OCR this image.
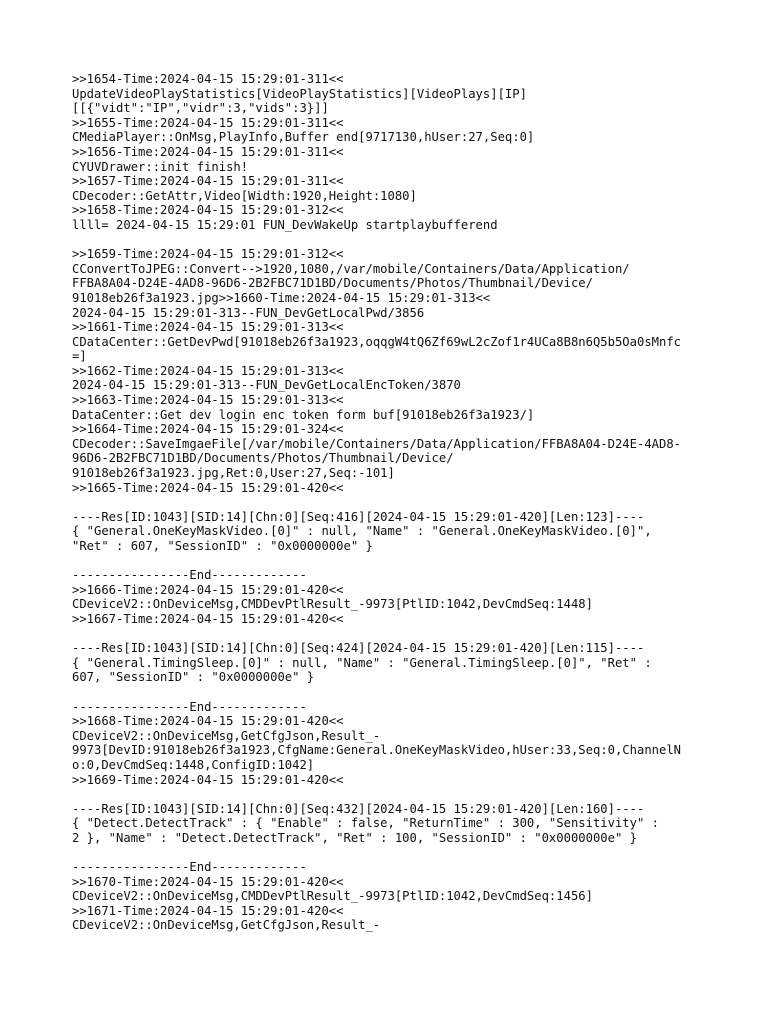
>>1654-Time:2024-04-15 15:29:01-311<<
UpdateVideoPlayStatistics[VideoPlayStatistics][VideoPlays][IP]
[[{"vidt":"IP","vidr":3,"vids":3}]]
>>1655-Time:2024-04-15 15:29:01-311<<
CMediaPlayer::OnMsg,PlayInfo,Buffer end[9717130,hUser:27,Seq:0]
>>1656-Time:2024-04-15 15:29:01-311<<
CYUVDrawer::init finish!
>>1657-Time:2024-04-15 15:29:01-311<<
CDecoder::GetAttr,Video[Width:1920,Height:1080]
>>1658-Time:2024-04-15 15:29:01-312<<
llll= 2024-04-15 15:29:01 FUN_DevWakeUp startplaybufferend
>>1659-Time:2024-04-15 15:29:01-312<<
CConvertToJPEG::Convert-->1920,1080,/var/mobile/Containers/Data/Application/
FFBA8A04-D24E-4AD8-96D6-2B2FBC71D1BD/Documents/Photos/Thumbnail/Device/
91018eb26f3a1923.jpg>>1660-Time:2024-04-15 15:29:01-313<<
2024-04-15 15:29:01-313--FUN_DevGetLocalPwd/3856
>>1661-Time:2024-04-15 15:29:01-313<<
CDataCenter::GetDevPwd[91018eb26f3a1923,oqqgW4tQ6Zf69wL2cZof1r4UCa8B8n6Q5b5Oa0sMnfc
=]
>>1662-Time:2024-04-15 15:29:01-313<<
2024-04-15 15:29:01-313--FUN_DevGetLocalEncToken/3870
>>1663-Time:2024-04-15 15:29:01-313<<
DataCenter::Get dev login enc token form buf[91018eb26f3a1923/]
>>1664-Time:2024-04-15 15:29:01-324<<
CDecoder::SaveImgaeFile[/var/mobile/Containers/Data/Application/FFBA8A04-D24E-4AD8-
96D6-2B2FBC71D1BD/Documents/Photos/Thumbnail/Device/
91018eb26f3a1923.jpg,Ret:0,User:27,Seq:-101]
>>1665-Time:2024-04-15 15:29:01-420<<
----Res[ID:1043][SID:14][Chn:0][Seq:416][2024-04-15 15:29:01-420][Len:123]----
{ "General.OneKeyMaskVideo.[0]" : null, "Name" : "General.OneKeyMaskVideo.[0]",
"Ret" : 607, "SessionID" : "0x0000000e" }
----------------End-------------
>>1666-Time:2024-04-15 15:29:01-420<<
CDeviceV2::OnDeviceMsg,CMDDevPtlResult_-9973[PtlID:1042,DevCmdSeq:1448]
>>1667-Time:2024-04-15 15:29:01-420<<
----Res[ID:1043][SID:14][Chn:0][Seq:424][2024-04-15 15:29:01-420][Len:115]----
{ "General.TimingSleep.[0]" : null, "Name" : "General.TimingSleep.[0]", "Ret" :
607, "SessionID" : "0x0000000e" }
----------------End-------------
>>1668-Time:2024-04-15 15:29:01-420<<
CDeviceV2::OnDeviceMsg,GetCfgJson,Result_-
9973[DevID:91018eb26f3a1923,CfgName:General.OneKeyMaskVideo,hUser:33,Seq:0,ChannelN
o:0,DevCmdSeq:1448,ConfigID:1042]
>>1669-Time:2024-04-15 15:29:01-420<<
----Res[ID:1043][SID:14][Chn:0][Seq:432][2024-04-15 15:29:01-420][Len:160]----
{ "Detect.DetectTrack" : { "Enable" : false, "ReturnTime" : 300, "Sensitivity" :
2 }, "Name" : "Detect.DetectTrack", "Ret" : 100, "SessionID" : "0x0000000e" }
----------------End-------------
>>1670-Time:2024-04-15 15:29:01-420<<
CDeviceV2::OnDeviceMsg,CMDDevPtlResult_-9973[PtlID:1042,DevCmdSeq:1456]
>>1671-Time:2024-04-15 15:29:01-420<<
CDeviceV2::OnDeviceMsg,GetCfgJson,Result_-
